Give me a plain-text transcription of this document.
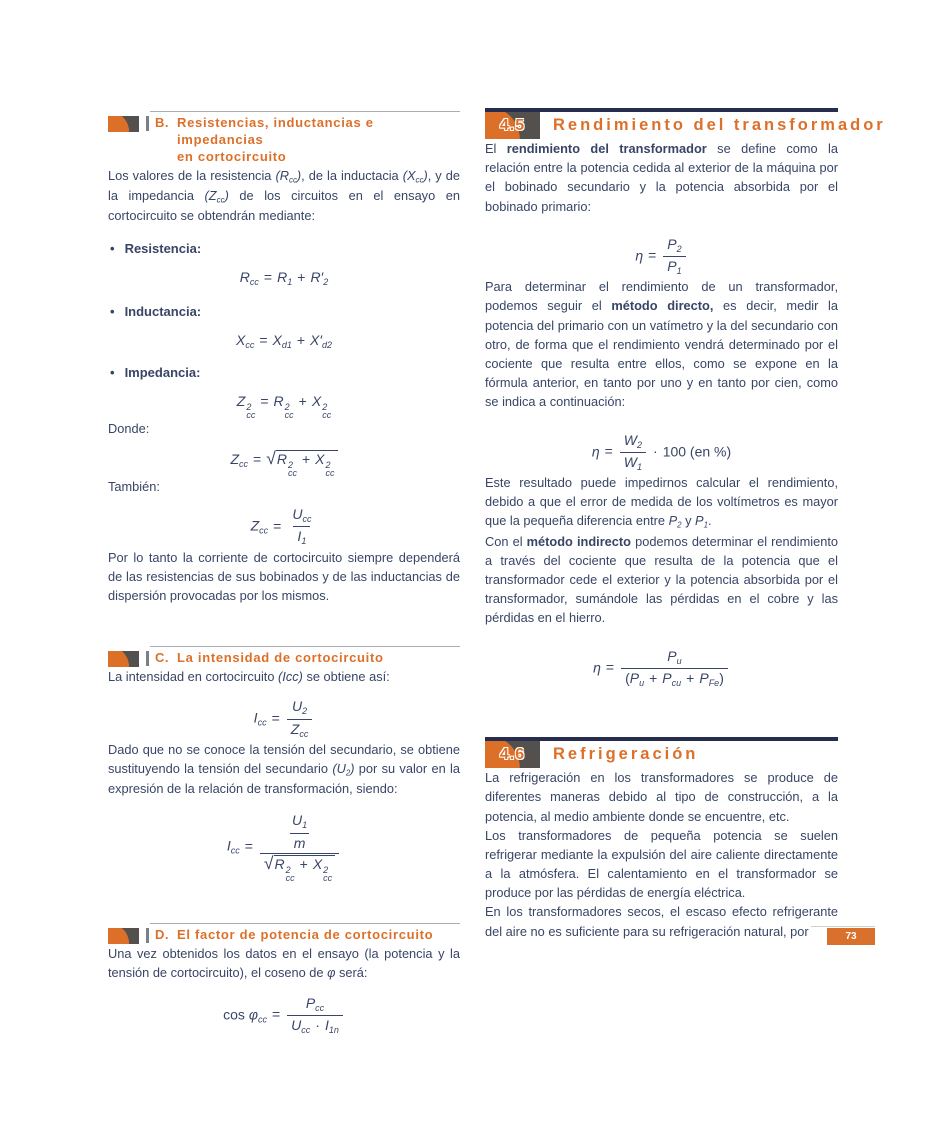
B. Resistencias, inductancias e impedancias
en cortocircuito

Los valores de la resistencia (Rcc), de la inductacia (Xcc), y de la impedancia (Zcc) de los circuitos en el ensayo en cortocircuito se obtendrán mediante:

• Resistencia:
$R_{cc} = R_1 + R'_2$
• Inductancia:
$X_{cc} = X_{d1} + X'_{d2}$
• Impedancia:
Z 2
cc
= R 2
cc
+ X 2
cc

Donde:

$Z_{cc}$ = √ R 2
cc
+ X 2
cc

También:

$Z_{cc} = \frac{U_{cc}}{I_1}$

Por lo tanto la corriente de cortocircuito siempre dependerá de las resistencias de sus bobinados y de las inductancias de dispersión provocadas por los mismos.

C. La intensidad de cortocircuito

La intensidad en cortocircuito (Icc) se obtiene así:

$I_{cc} = \frac{U_2}{Z_{cc}}$

Dado que no se conoce la tensión del secundario, se obtiene sustituyendo la tensión del secundario (U2) por su valor en la expresión de la relación de transformación, siendo:

$I_{cc} = \frac{U_1}{m}$
√ R 2
cc
+ X 2
cc
D. El factor de potencia de cortocircuito

Una vez obtenidos los datos en el ensayo (la potencia y la tensión de cortocircuito), el coseno de φ será:

$\cos \varphi_{cc} = \frac{P_{cc}}{U_{cc} \cdot I_{1n}}$
4.5	Rendimiento del transformador

El rendimiento del transformador se define como la relación entre la potencia cedida al exterior de la máquina por el bobinado secundario y la potencia absorbida por el bobinado primario:

$\eta = \frac{P_2}{P_1}$

Para determinar el rendimiento de un transformador, podemos seguir el método directo, es decir, medir la potencia del primario con un vatímetro y la del secundario con otro, de forma que el rendimiento vendrá determinado por el cociente que resulta entre ellos, como se expone en la fórmula anterior, en tanto por uno y en tanto por cien, como se indica a continuación:

$\eta = \frac{W_2}{W_1} \cdot 100$ (en %)

Este resultado puede impedirnos calcular el rendimiento, debido a que el error de medida de los voltímetros es mayor que la pequeña diferencia entre P2 y P1.

Con el método indirecto podemos determinar el rendimiento a través del cociente que resulta de la potencia que el transformador cede el exterior y la potencia absorbida por el transformador, sumándole las pérdidas en el cobre y las pérdidas en el hierro.

$\eta = \frac{P_u}{(P_u + P_{cu} + P_{Fe})}$
4.6	Refrigeración

La refrigeración en los transformadores se produce de diferentes maneras debido al tipo de construcción, a la potencia, al medio ambiente donde se encuentre, etc.

Los transformadores de pequeña potencia se suelen refrigerar mediante la expulsión del aire caliente directamente a la atmósfera. El calentamiento en el transformador se produce por las pérdidas de energía eléctrica.

En los transformadores secos, el escaso efecto refrigerante del aire no es suficiente para su refrigeración natural, por	73
